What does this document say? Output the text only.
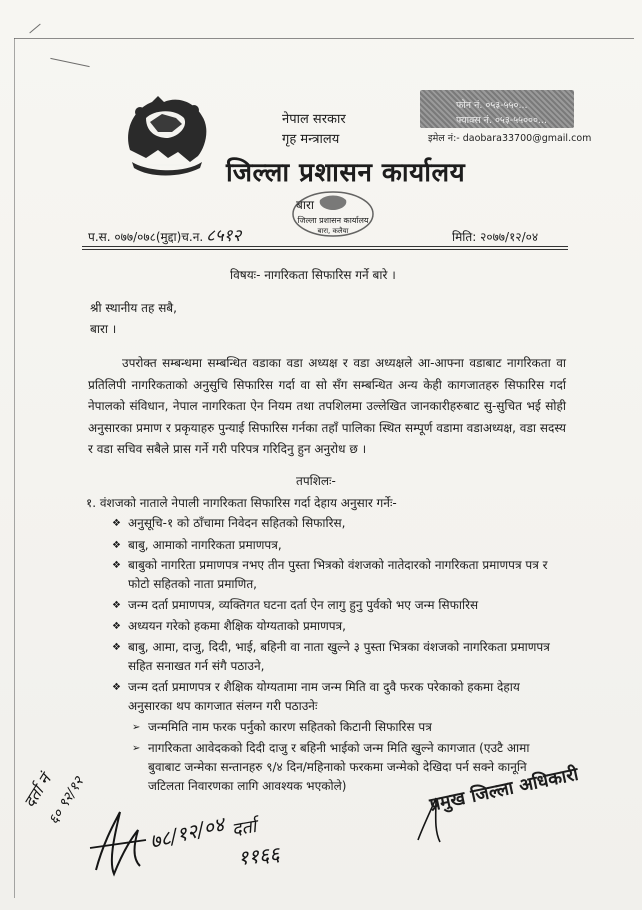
नेपाल सरकार
गृह मन्त्रालय
जिल्ला प्रशासन कार्यालय
बारा
फोन नं. ०५३-५५०...
फ्याक्स नं. ०५३-५५०००...
इमेल नं:- daobara33700@gmail.com
जिल्ला प्रशासन कार्यालय
बारा, कलैया
प.स. ०७७/०७८(मुद्दा)च.न. ८५१२	मिति: २०७७/१२/०४
विषयः- नागरिकता सिफारिस गर्ने बारे ।
श्री स्थानीय तह सबै,
बारा ।
उपरोक्त सम्बन्धमा सम्बन्धित वडाका वडा अध्यक्ष र वडा अध्यक्षले आ-आफ्ना वडाबाट नागरिकता वा प्रतिलिपी नागरिकताको अनुसुचि सिफारिस गर्दा वा सो सँग सम्बन्धित अन्य केही कागजातहरु सिफारिस गर्दा नेपालको संविधान, नेपाल नागरिकता ऐन नियम तथा तपशिलमा उल्लेखित जानकारीहरुबाट सु-सुचित भई सोही अनुसारका प्रमाण र प्रकृयाहरु पुन्याई सिफारिस गर्नका तहाँ पालिका स्थित सम्पूर्ण वडामा वडाअध्यक्ष, वडा सदस्य र वडा सचिव सबैले प्रास गर्ने गरी परिपत्र गरिदिनु हुन अनुरोध छ ।
तपशिलः-
१. वंशजको नाताले नेपाली नागरिकता सिफारिस गर्दा देहाय अनुसार गर्नेः-
❖ अनुसूचि-१ को ठाँचामा निवेदन सहितको सिफारिस,
❖ बाबु, आमाको नागरिकता प्रमाणपत्र,
❖ बाबुको नागरिता प्रमाणपत्र नभए तीन पुस्ता भित्रको वंशजको नातेदारको नागरिकता प्रमाणपत्र पत्र र फोटो सहितको नाता प्रमाणित,
❖ जन्म दर्ता प्रमाणपत्र, व्यक्तिगत घटना दर्ता ऐन लागु हुनु पुर्वको भए जन्म सिफारिस
❖ अध्ययन गरेको हकमा शैक्षिक योग्यताको प्रमाणपत्र,
❖ बाबु, आमा, दाजु, दिदी, भाई, बहिनी वा नाता खुल्ने ३ पुस्ता भित्रका वंशजको नागरिकता प्रमाणपत्र सहित सनाखत गर्न संगै पठाउने,
❖ जन्म दर्ता प्रमाणपत्र र शैक्षिक योग्यतामा नाम जन्म मिति वा दुवै फरक परेकाको हकमा देहाय अनुसारका थप कागजात संलग्न गरी पठाउनेः
➢ जन्ममिति नाम फरक पर्नुको कारण सहितको किटानी सिफारिस पत्र
➢ नागरिकता आवेदकको दिदी दाजु र बहिनी भाईको जन्म मिति खुल्ने कागजात (एउटै आमा बुवाबाट जन्मेका सन्तानहरु ९/४ दिन/महिनाको फरकमा जन्मेको देखिदा पर्न सक्ने कानूनि जटिलता निवारणका लागि आवश्यक भएकोले)
दर्ता नं
६० ९२/१२
७८/१२/०४ दर्ता
११६६
प्रमुख जिल्ला अधिकारी
